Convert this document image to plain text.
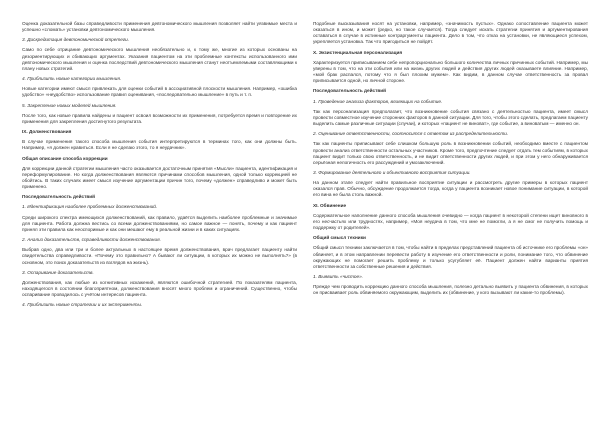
Оценка доказательной базы справедливости применения девтономического мышления позволяет найти уязвимые места и успешно «сломать» установки девтономического мышления.

3. Дискредитация девтономической отретеги.

Само по себе отрицание девтономического мышления необязательно и, к тому же, многие из которых основаны на дезориентирующих и сбивающих аргументах. Указания пациентом на эти проблемные контексты использованного ими девтономического мышления и оценка последствий девтономического мышления станут неотъемлемыми составляющими к плану новых стратегий.

4. Приблизить новые категории мышления.

Новые категории имеют смысл привлекать для оценки событий в ассоциативной плоскости мышления. Например, «ошибка удобство» «неудобство» использование правил оценивания, «последовательно мышление» в путь и т. п.

5. Закрепление новых моделей мышления.

После того, как новые правила найдены и пациент освоил возможности их применения, потребуется время и повторение их применения для закрепления достигнутого результата.

IX. Долженствования

В случае применения такого способа мышления события интерпретируются в терминах того, как они должны быть. Например, «я должен нравиться. Если я не сделаю этого, то я неудачник».

Общая описание способа коррекции

Для коррекции данной стратегии мышления часто оказывается достаточным принятия «Мысли» пациента, идентификация и переформулирование. Но когда долженствования являются причинами способов мышления, одной только коррекцией не обойтись. В таких случаях имеет смысл изучение аргументации причин того, почему «должен» справедливо и может быть применено.

Последовательность действий

1. Идентификация наиболее проблемных долженствований.

Среди широкого спектра имеющихся долженствований, как правило, удаётся выделить наиболее проблемные и значимые для пациента. Работа должна вестись со всеми долженствованиями, но самое важное — понять, почему и как пациент принял эти правила как неоспоримые и как они мешают ему в реальной жизни и в каких ситуациях.

2. Анализ доказательств, справедливости долженствования.

Выбрав одно, два или три и более актуальных в настоящее время долженствования, врач предлагает пациенту найти свидетельства справедливости. «Почему это правильно? А бывают ли ситуации, в которых их можно не выполнять?» (в основном, это поиск доказательств из взглядов на жизнь).

3. Оспаривание доказательств.

Долженствования, как любые из когнитивных искажений, являются ошибочной стратегией. По показателям пациента, находящегося в состоянии благоприятном, долженствования вносят много проблем и ограничений. Существенно, чтобы оспаривание проводилось с учётом интересов пациента.

4. Приблизить новые стратегии и их эксперименты.

Подобные высказывания носят на установки, например, «значимость пустых». Однако сопоставление пациента может оказаться в ином, и может (редко, но такое случается). Тогда следует искать стратегии принятия и аргументирования оставаться в случае в истинные контраргументы пациента. Дело в том, что отказ на установки, не являющиеся успехом, укрепляется установка. Так что пригодиться не пойдёт.

X. Экзистенциальная персонализация

Характеризуется приписыванием себе непропорционально большого количества личных причинных событий. Например, мы уверены в том, что на эти события или на жизнь других людей и действия других людей оказываете влияние. Например, «мой брак распался, потому что я был плохим мужем». Как видим, в данном случае ответственность за провал приписывается одной, но личной стороне.

Последовательность действий

1. Проведение анализа факторов, влияющих на событие.

Так как персонализация предполагает, что возникновение события связано с деятельностью пациента, имеет смысл провести совместное изучение сторонних факторов в данной ситуации. Для того, чтобы этого сделать, предлагаем пациенту выделить самые различные ситуации (случаи), и которых «пациент не виноват», где событие, а виноватым — именно он.

2. Оценивание ответственности, соотносится с ответом из распределительности.

Так как пациенты приписывают себе слишком большую роль в возникновении событий, необходимо вместе с пациентом провести анализ ответственности остальных участников. Кроме того, предпочтение следует отдать тем событиям, в которых пациент видит только свою ответственность, и не видит ответственности других людей, и при этом у него обнаруживается серьёзная нелогичность его рассуждений и умозаключений.

3. Формирование деятельного и объективного восприятия ситуации.

На данном этапе следует найти правильное восприятие ситуации и рассмотреть другие примеры в которых пациент оказался прав. Обычно, обсуждение продолжается тогда, когда у пациента возникает новое понимание ситуации, в которой его вина не была столь важной.

XI. Обвинение

Содержательное наполнение данного способа мышления очевидно — когда пациент в некоторой степени ищет виновного в его несчастьях или трудностях, например, «Моя неудача в том, что мне не помогли, а я не смог не получить помощь и поддержку от родителей».

Общий смысл техники

Общий смысл техники заключается в том, чтобы найти в пределах представлений пациента об источнике его проблемы «он» обвиняет, и в этом направлении перевести работу в изучение его ответственности и роли, понимание того, что обвинение окружающих не помогает решить проблему и только усугубляет её. Пациент должен найти варианты приятия ответственности за собственные решения и действия.

1. Выявить «чистое».

Прежде чем проводить коррекцию данного способа мышления, полезно детально выявить у пациента обвинения, в которых он присваивает роль обвиняемого окружающим, выделить их (обвинение, у кого вызывают ли какие-то проблемы).
